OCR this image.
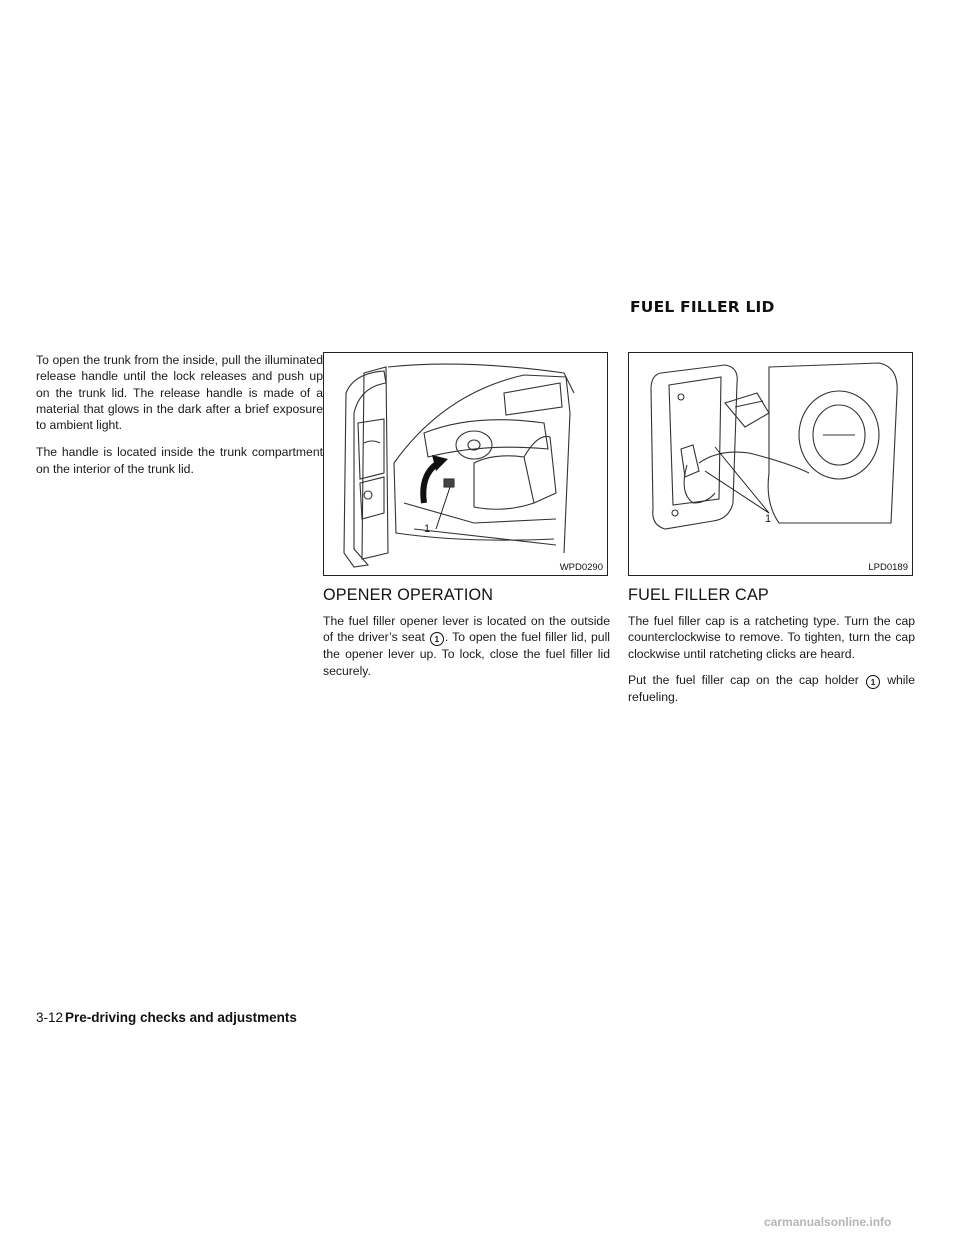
FUEL FILLER LID

To open the trunk from the inside, pull the illuminated release handle until the lock releases and push up on the trunk lid. The release handle is made of a material that glows in the dark after a brief exposure to ambient light.

The handle is located inside the trunk compartment on the interior of the trunk lid.

1
WPD0290
OPENER OPERATION

The fuel filler opener lever is located on the outside of the driver’s seat 1 . To open the fuel filler lid, pull the opener lever up. To lock, close the fuel filler lid securely.

1
LPD0189
FUEL FILLER CAP

The fuel filler cap is a ratcheting type. Turn the cap counterclockwise to remove. To tighten, turn the cap clockwise until ratcheting clicks are heard.

Put the fuel filler cap on the cap holder 1 while refueling.

3-12 Pre-driving checks and adjustments
carmanualsonline.info
